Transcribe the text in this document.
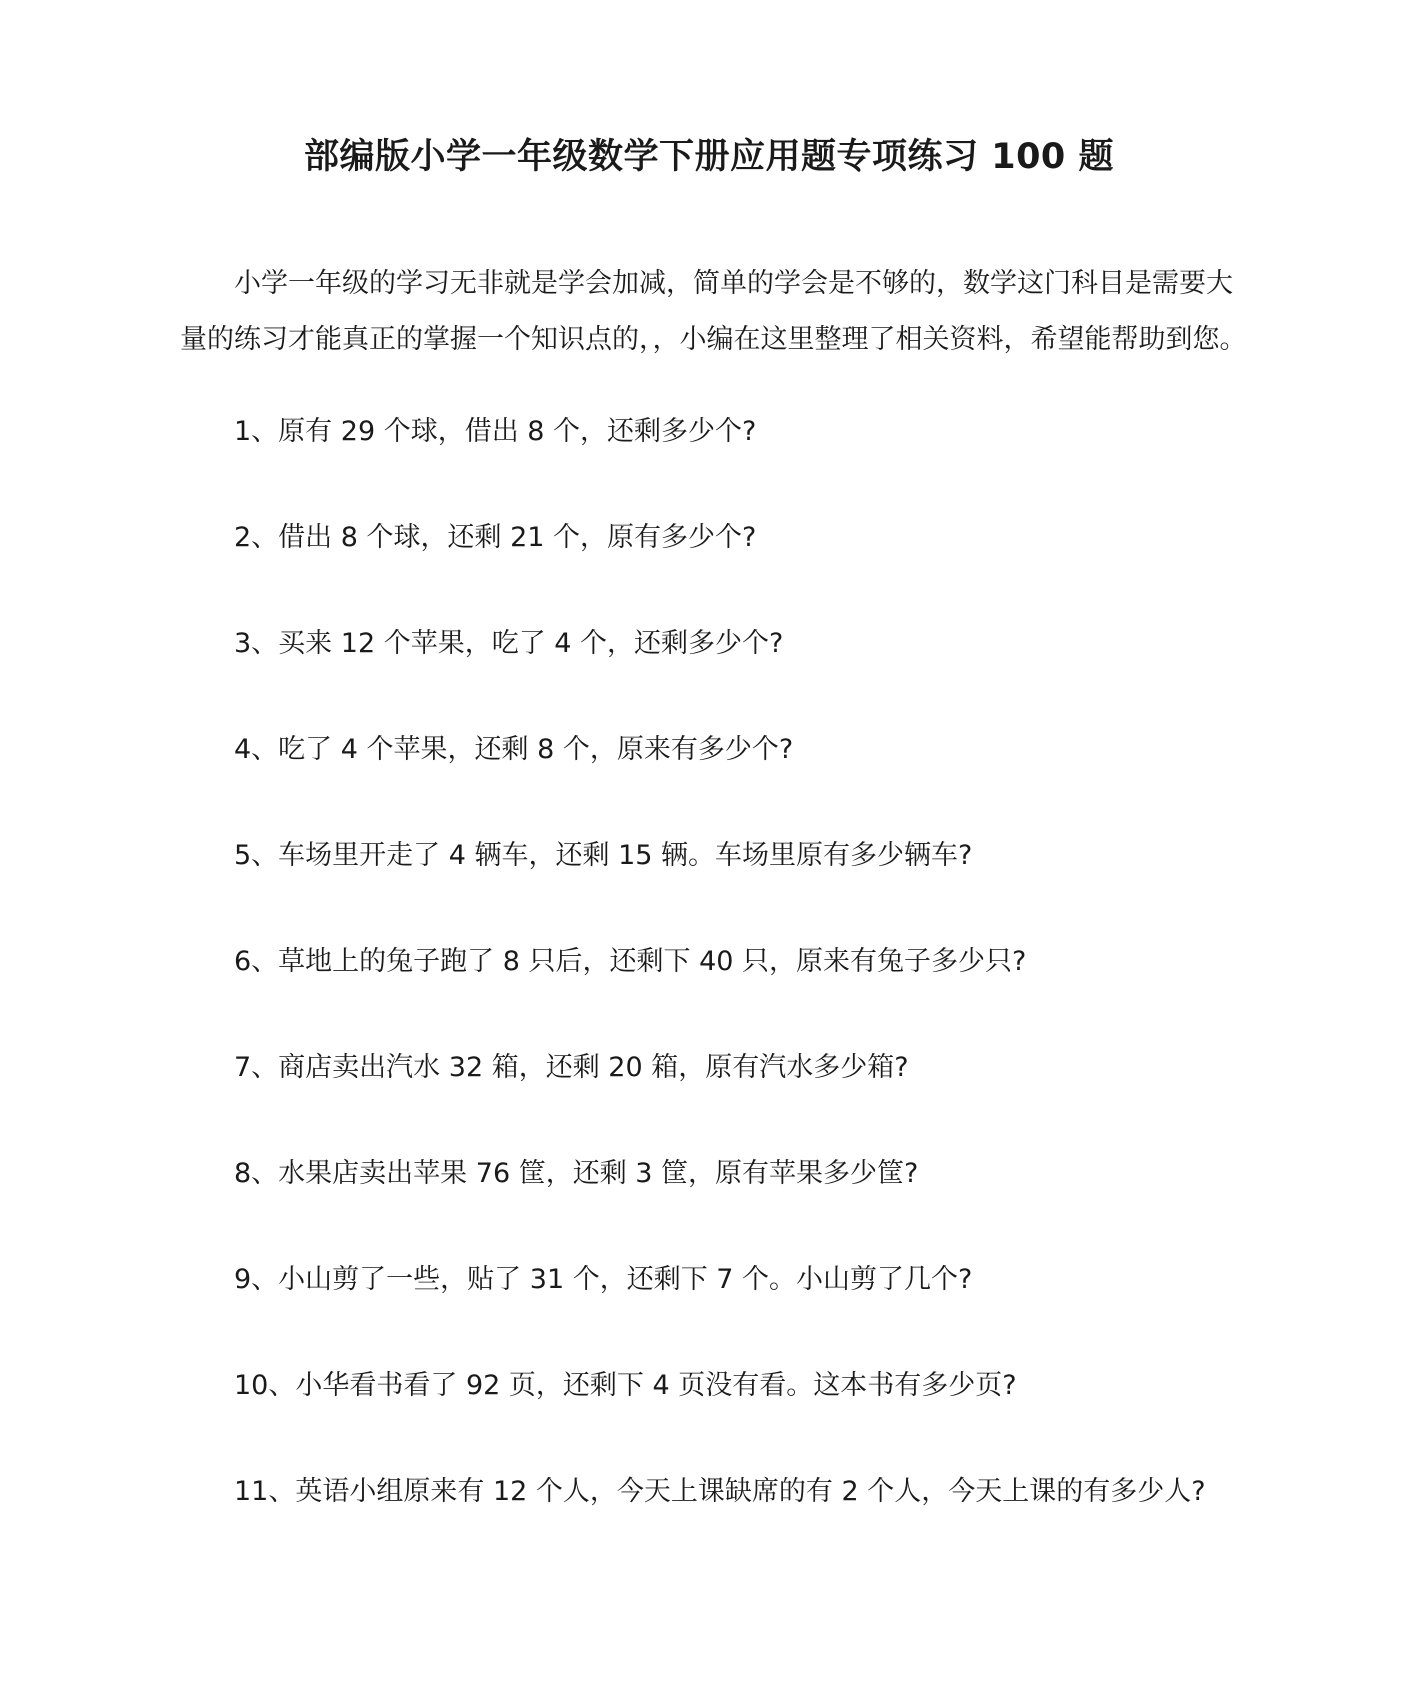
部编版小学一年级数学下册应用题专项练习 100 题

小学一年级的学习无非就是学会加减，简单的学会是不够的，数学这门科目是需要大
量的练习才能真正的掌握一个知识点的，，小编在这里整理了相关资料，希望能帮助到您。

1、原有 29 个球，借出 8 个，还剩多少个?
2、借出 8 个球，还剩 21 个，原有多少个?
3、买来 12 个苹果，吃了 4 个，还剩多少个?
4、吃了 4 个苹果，还剩 8 个，原来有多少个?
5、车场里开走了 4 辆车，还剩 15 辆。车场里原有多少辆车?
6、草地上的兔子跑了 8 只后，还剩下 40 只，原来有兔子多少只?
7、商店卖出汽水 32 箱，还剩 20 箱，原有汽水多少箱?
8、水果店卖出苹果 76 筐，还剩 3 筐，原有苹果多少筐?
9、小山剪了一些，贴了 31 个，还剩下 7 个。小山剪了几个?
10、小华看书看了 92 页，还剩下 4 页没有看。这本书有多少页?
11、英语小组原来有 12 个人，今天上课缺席的有 2 个人，今天上课的有多少人?
